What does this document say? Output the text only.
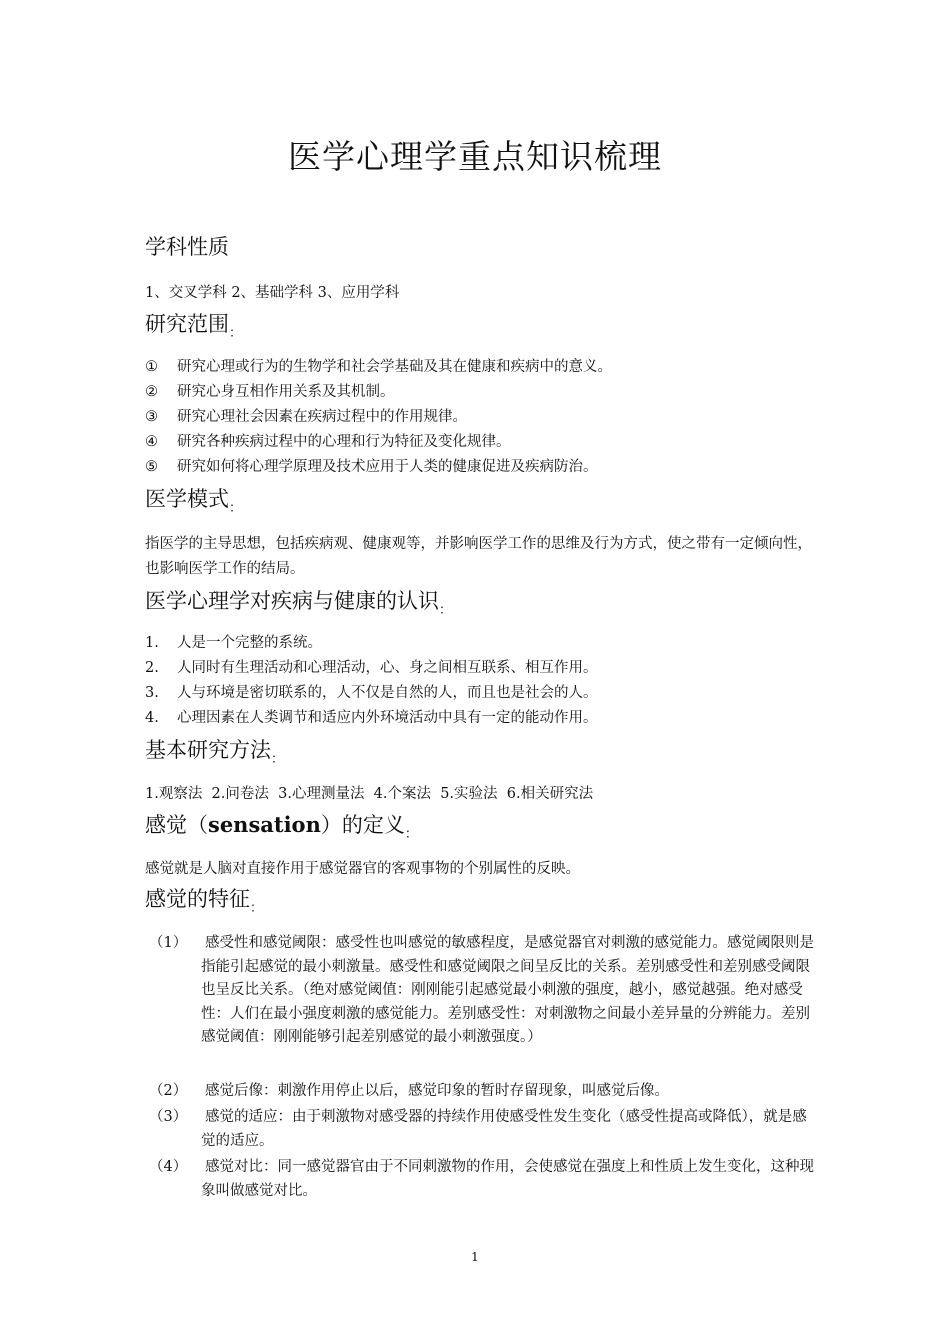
医学心理学重点知识梳理
学科性质
1、交叉学科 2、基础学科 3、应用学科
研究范围$_:$
① 研究心理或行为的生物学和社会学基础及其在健康和疾病中的意义。
② 研究心身互相作用关系及其机制。
③ 研究心理社会因素在疾病过程中的作用规律。
④ 研究各种疾病过程中的心理和行为特征及变化规律。
⑤ 研究如何将心理学原理及技术应用于人类的健康促进及疾病防治。
医学模式$_:$
指医学的主导思想，包括疾病观、健康观等，并影响医学工作的思维及行为方式，使之带有一定倾向性，也影响医学工作的结局。
医学心理学对疾病与健康的认识$_:$
1. 人是一个完整的系统。
2. 人同时有生理活动和心理活动，心、身之间相互联系、相互作用。
3. 人与环境是密切联系的，人不仅是自然的人，而且也是社会的人。
4. 心理因素在人类调节和适应内外环境活动中具有一定的能动作用。
基本研究方法$_:$
1.观察法  2.问卷法  3.心理测量法  4.个案法  5.实验法  6.相关研究法
感觉（sensation）的定义$_:$
感觉就是人脑对直接作用于感觉器官的客观事物的个别属性的反映。
感觉的特征$_:$
（1） 感受性和感觉阈限：感受性也叫感觉的敏感程度，是感觉器官对刺激的感觉能力。感觉阈限则是指能引起感觉的最小刺激量。感受性和感觉阈限之间呈反比的关系。差别感受性和差别感受阈限也呈反比关系。（绝对感觉阈值：刚刚能引起感觉最小刺激的强度，越小，感觉越强。绝对感受性：人们在最小强度刺激的感觉能力。差别感受性：对刺激物之间最小差异量的分辨能力。差别感觉阈值：刚刚能够引起差别感觉的最小刺激强度。）
（2） 感觉后像：刺激作用停止以后，感觉印象的暂时存留现象，叫感觉后像。
（3） 感觉的适应：由于刺激物对感受器的持续作用使感受性发生变化（感受性提高或降低），就是感觉的适应。
（4） 感觉对比：同一感觉器官由于不同刺激物的作用，会使感觉在强度上和性质上发生变化，这种现象叫做感觉对比。
1
